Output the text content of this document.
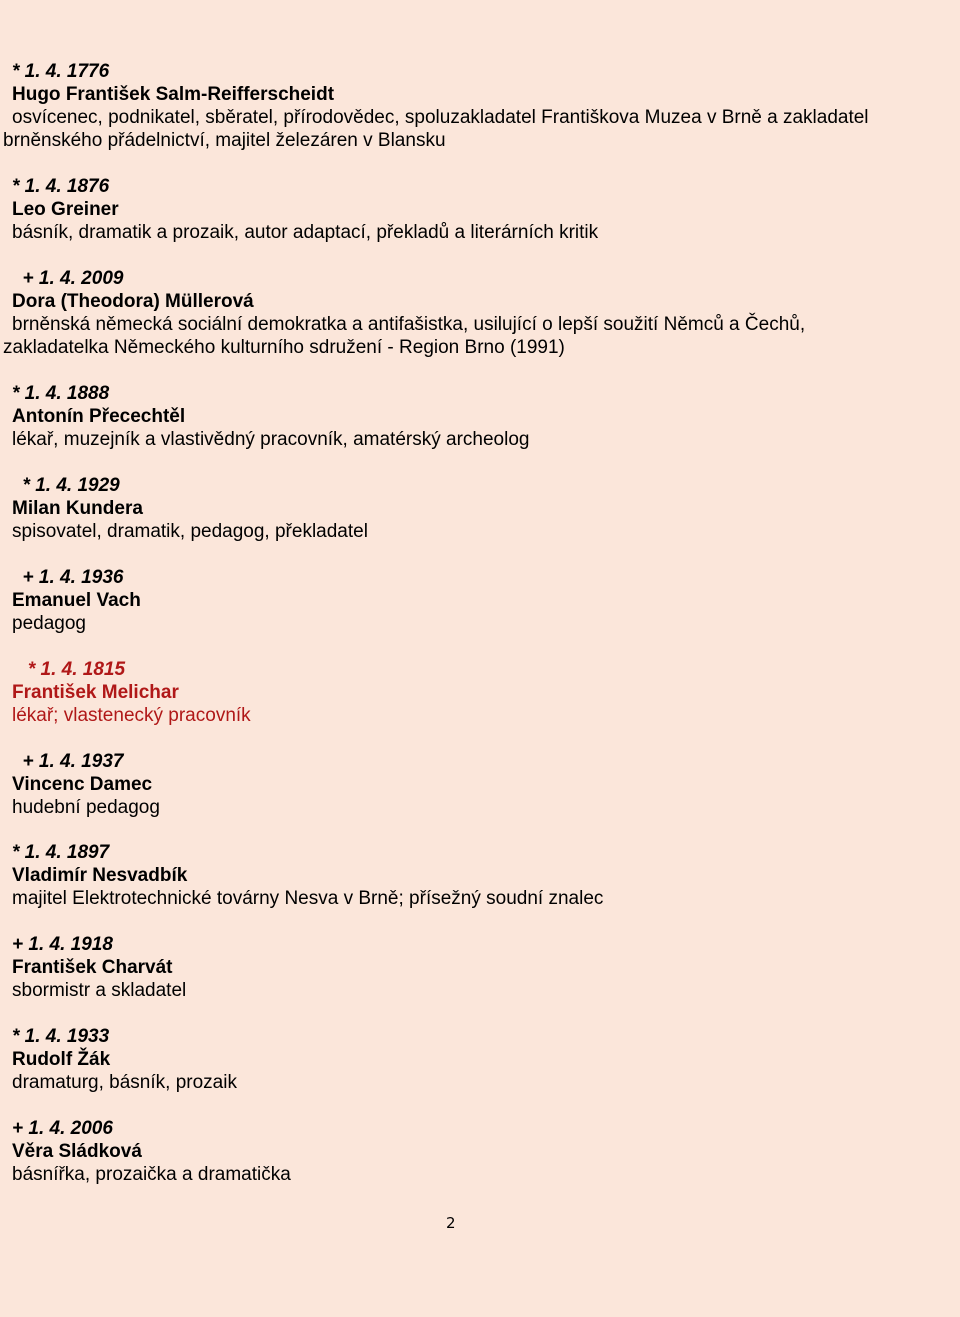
* 1. 4. 1776
Hugo František Salm-Reifferscheidt
osvícenec, podnikatel, sběratel, přírodovědec, spoluzakladatel Františkova Muzea v Brně a zakladatel
brněnského přádelnictví, majitel železáren v Blansku
* 1. 4. 1876
Leo Greiner
básník, dramatik a prozaik, autor adaptací, překladů a literárních kritik
+ 1. 4. 2009
Dora (Theodora) Müllerová
brněnská německá sociální demokratka a antifašistka, usilující o lepší soužití Němců a Čechů,
zakladatelka Německého kulturního sdružení - Region Brno (1991)
* 1. 4. 1888
Antonín Přecechtěl
lékař, muzejník a vlastivědný pracovník, amatérský archeolog
* 1. 4. 1929
Milan Kundera
spisovatel, dramatik, pedagog, překladatel
+ 1. 4. 1936
Emanuel Vach
pedagog
* 1. 4. 1815
František Melichar
lékař; vlastenecký pracovník
+ 1. 4. 1937
Vincenc Damec
hudební pedagog
* 1. 4. 1897
Vladimír Nesvadbík
majitel Elektrotechnické továrny Nesva v Brně; přísežný soudní znalec
+ 1. 4. 1918
František Charvát
sbormistr a skladatel
* 1. 4. 1933
Rudolf Žák
dramaturg, básník, prozaik
+ 1. 4. 2006
Věra Sládková
básnířka, prozaička a dramatička
2
